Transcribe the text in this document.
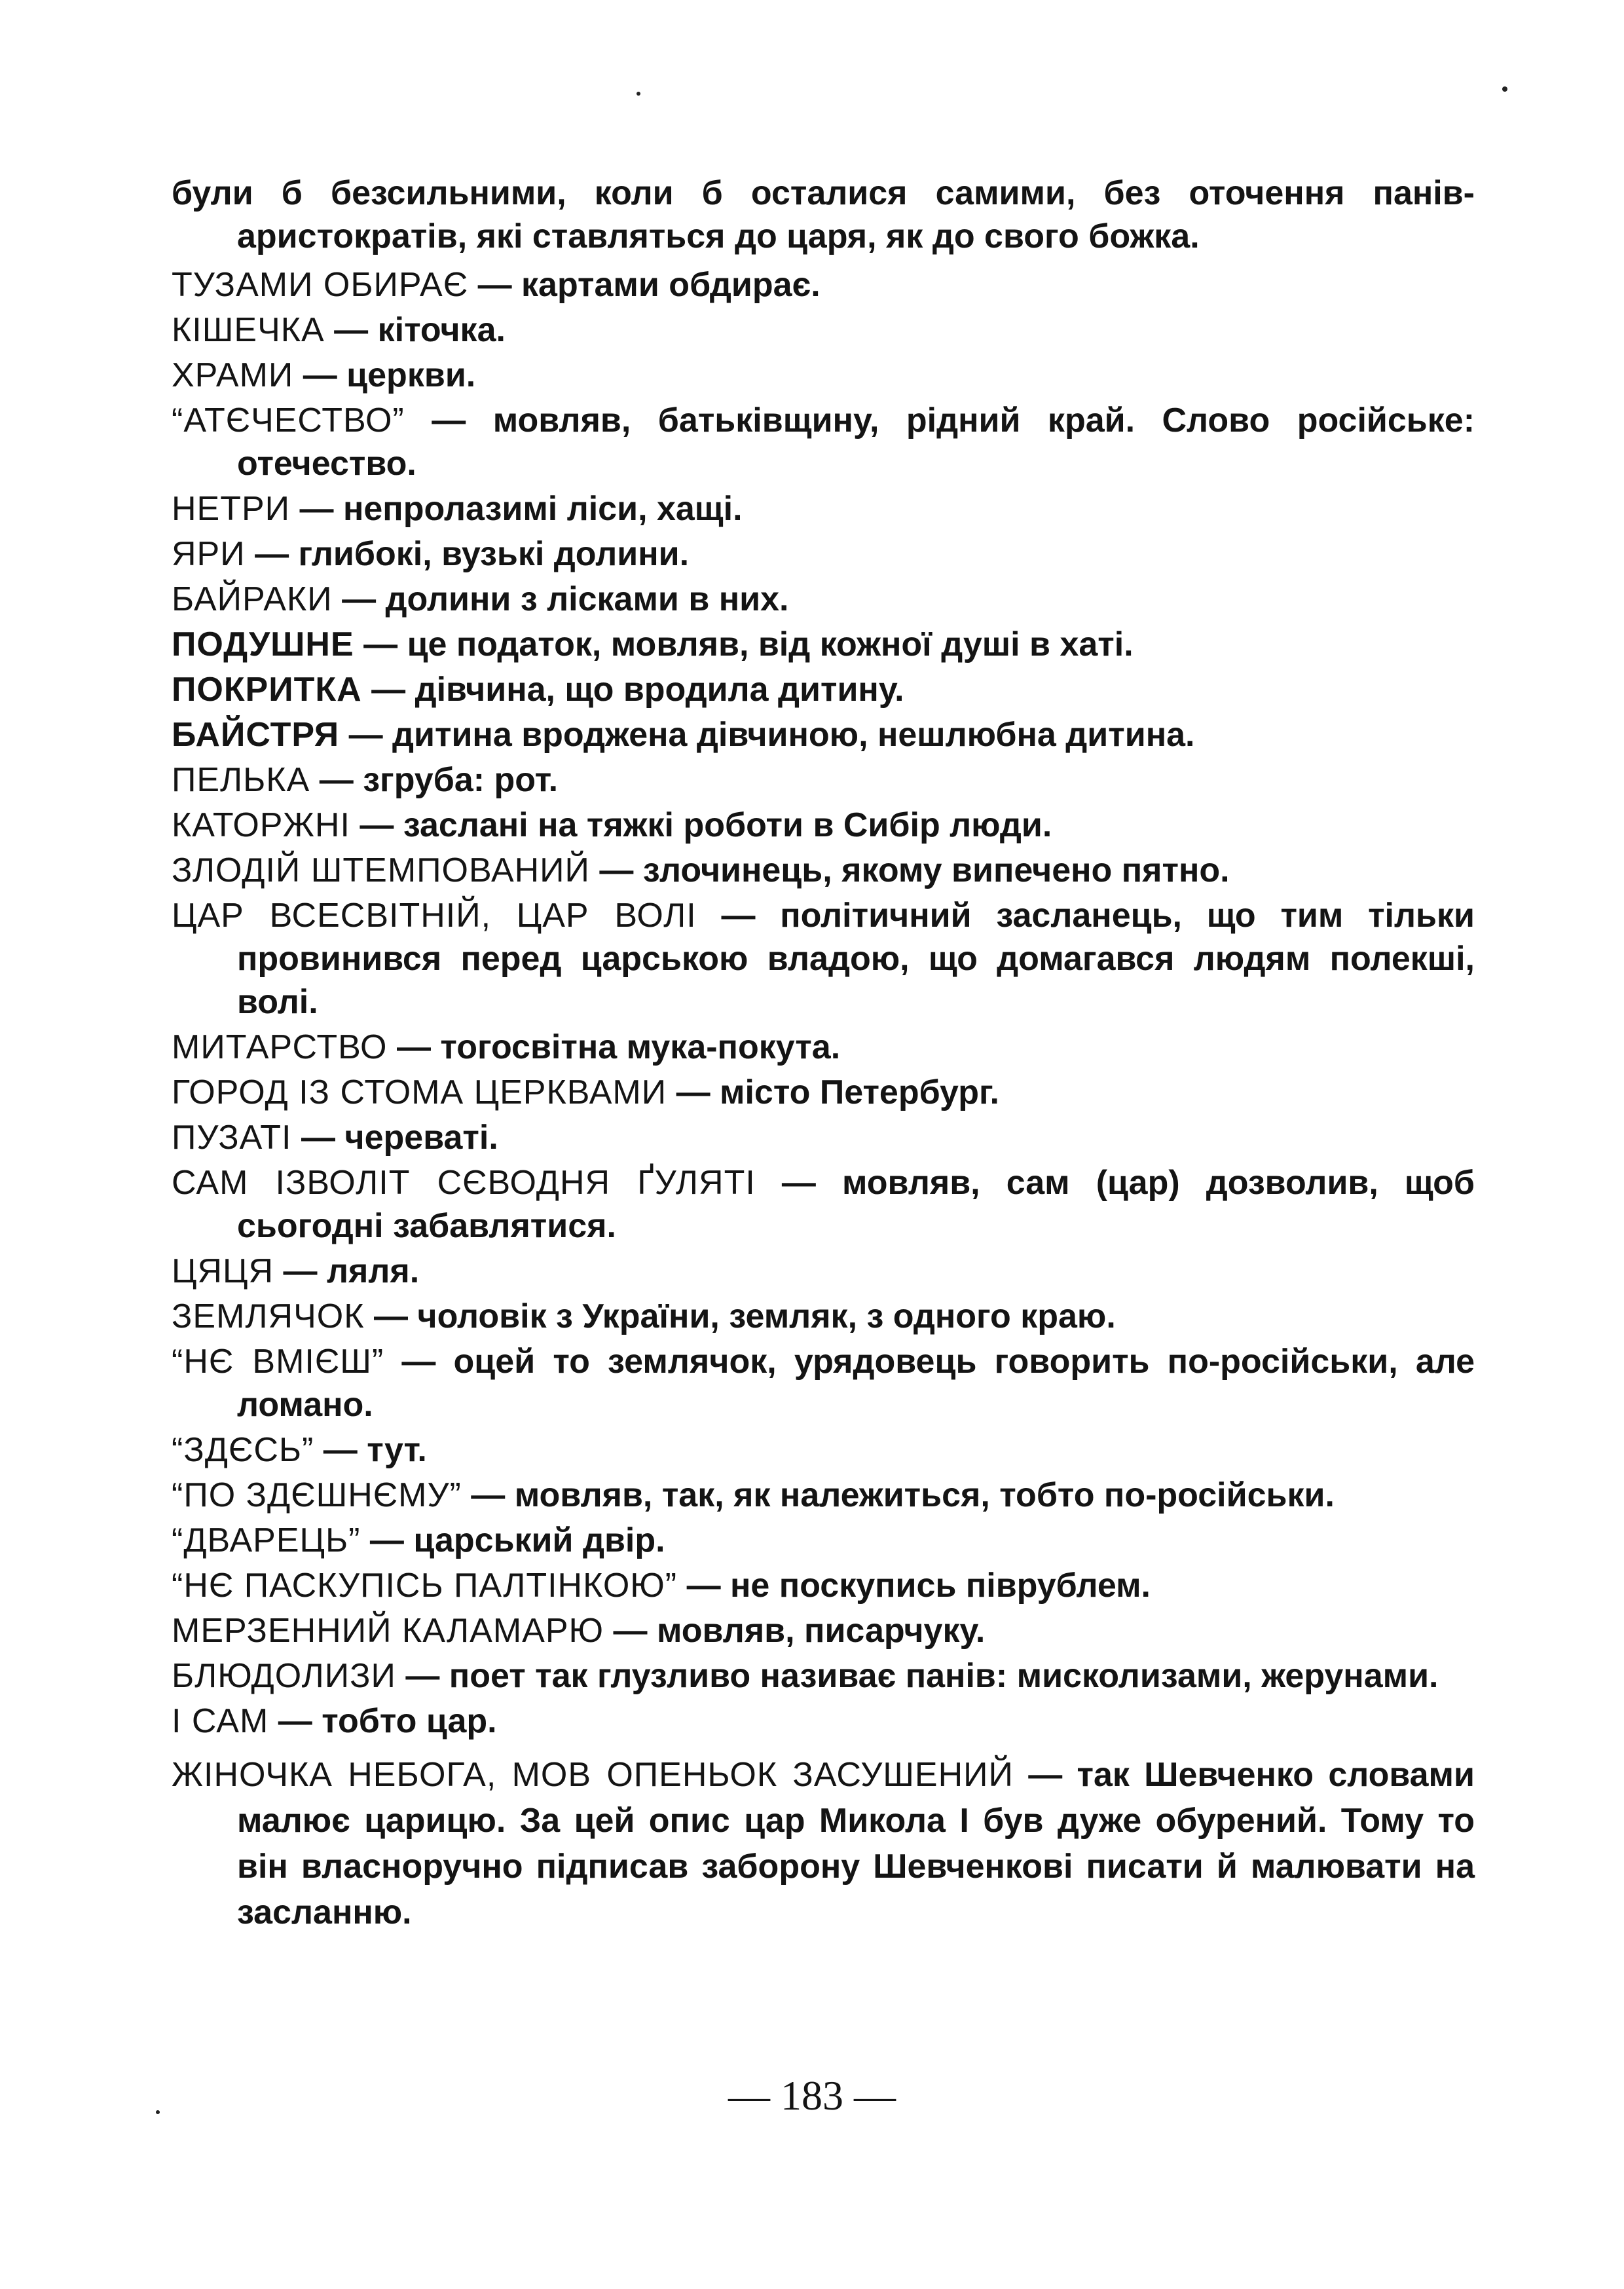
були б безсильними, коли б осталися самими, без оточення панів-аристократів, які ставляться до царя, як до свого божка.

ТУЗАМИ ОБИРАЄ — картами обдирає.

КІШЕЧКА — кіточка.

ХРАМИ — церкви.

“АТЄЧЕСТВО” — мовляв, батьківщину, рідний край. Слово російське: отечество.

НЕТРИ — непролазимі ліси, хащі.

ЯРИ — глибокі, вузькі долини.

БАЙРАКИ — долини з лісками в них.

ПОДУШНЕ — це податок, мовляв, від кожної душі в хаті.

ПОКРИТКА — дівчина, що вродила дитину.

БАЙСТРЯ — дитина вроджена дівчиною, нешлюбна дитина.

ПЕЛЬКА — згруба: рот.

КАТОРЖНІ — заслані на тяжкі роботи в Сибір люди.

ЗЛОДІЙ ШТЕМПОВАНИЙ — злочинець, якому випечено пятно.

ЦАР ВСЕСВІТНІЙ, ЦАР ВОЛІ — політичний засланець, що тим тільки провинився перед царською владою, що домагався людям полекші, волі.

МИТАРСТВО — тогосвітна мука-покута.

ГОРОД ІЗ СТОМА ЦЕРКВАМИ — місто Петербург.

ПУЗАТІ — череваті.

САМ ІЗВОЛІТ СЄВОДНЯ ҐУЛЯТІ — мовляв, сам (цар) дозволив, щоб сьогодні забавлятися.

ЦЯЦЯ — ляля.

ЗЕМЛЯЧОК — чоловік з України, земляк, з одного краю.

“НЄ ВМІЄШ” — оцей то землячок, урядовець говорить по-російськи, але ломано.

“ЗДЄСЬ” — тут.

“ПО ЗДЄШНЄМУ” — мовляв, так, як належиться, тобто по-російськи.

“ДВАРЕЦЬ” — царський двір.

“НЄ ПАСКУПІСЬ ПАЛТІНКОЮ” — не поскупись піврублем.

МЕРЗЕННИЙ КАЛАМАРЮ — мовляв, писарчуку.

БЛЮДОЛИЗИ — поет так глузливо називає панів: мисколизами, жерунами.

І САМ — тобто цар.

ЖІНОЧКА НЕБОГА, МОВ ОПЕНЬОК ЗАСУШЕНИЙ — так Шевченко словами малює царицю. За цей опис цар Микола І був дуже обурений. Тому то він власноручно підписав заборону Шевченкові писати й малювати на засланню.

— 183 —
